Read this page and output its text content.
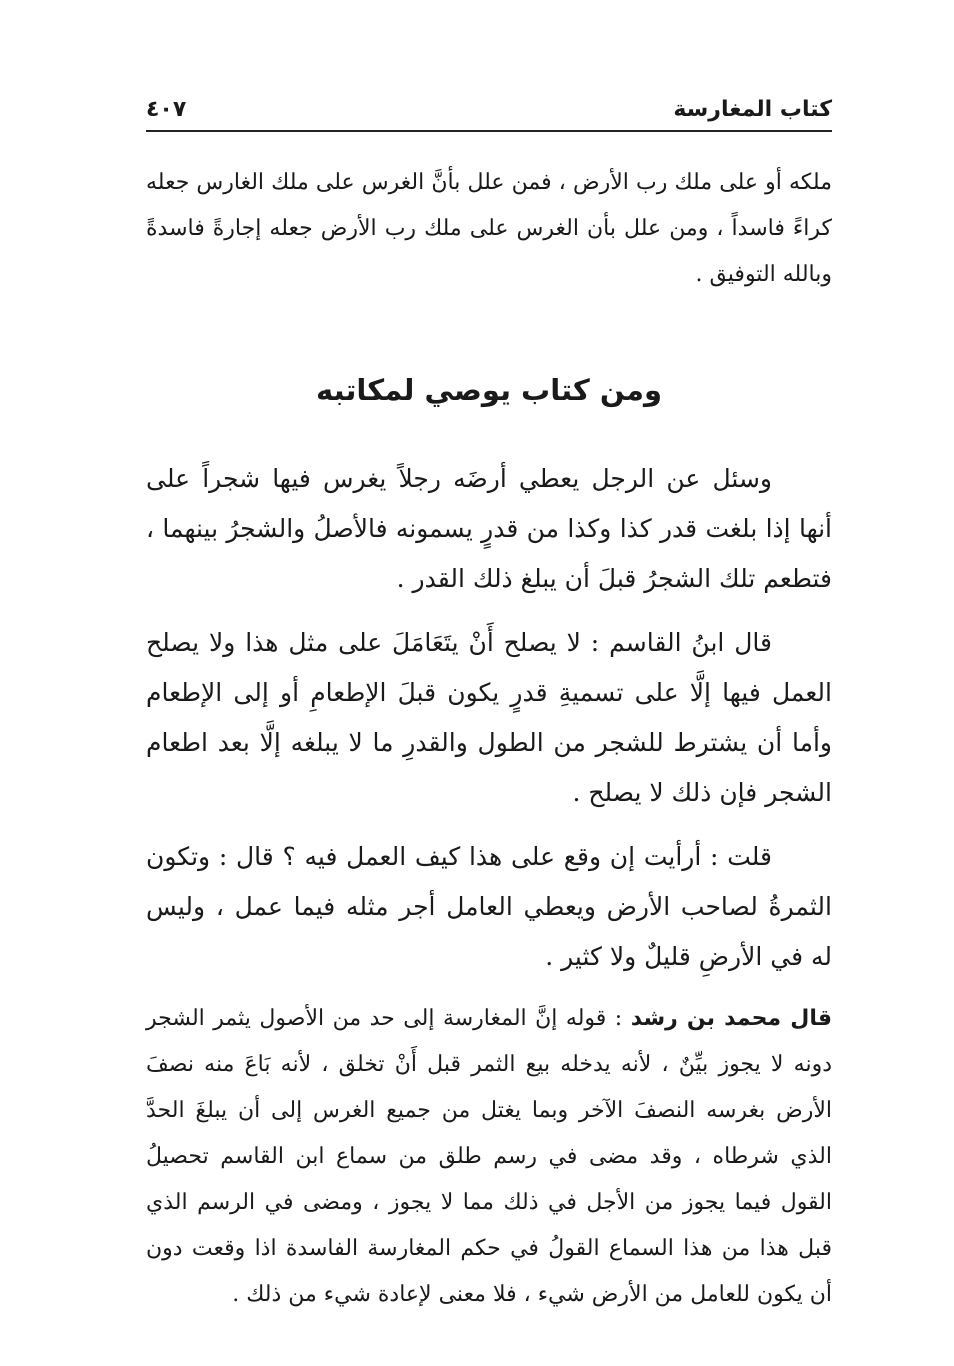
كتاب المغارسة
٤٠٧

ملكه أو على ملك رب الأرض ، فمن علل بأنَّ الغرس على ملك الغارس جعله كراءً فاسداً ، ومن علل بأن الغرس على ملك رب الأرض جعله إجارةً فاسدةً وبالله التوفيق .

ومن كتاب يوصي لمكاتبه

وسئل عن الرجل يعطي أرضَه رجلاً يغرس فيها شجراً على أنها إذا بلغت قدر كذا وكذا من قدرٍ يسمونه فالأصلُ والشجرُ بينهما ، فتطعم تلك الشجرُ قبلَ أن يبلغ ذلك القدر .

قال ابنُ القاسم : لا يصلح أَنْ يتَعَامَلَ على مثل هذا ولا يصلح العمل فيها إلَّا على تسميةِ قدرٍ يكون قبلَ الإطعامِ أو إلى الإطعام وأما أن يشترط للشجر من الطول والقدرِ ما لا يبلغه إلَّا بعد اطعام الشجر فإن ذلك لا يصلح .

قلت : أرأيت إن وقع على هذا كيف العمل فيه ؟ قال : وتكون الثمرةُ لصاحب الأرض ويعطي العامل أجر مثله فيما عمل ، وليس له في الأرضِ قليلٌ ولا كثير .

قال محمد بن رشد : قوله إنَّ المغارسة إلى حد من الأصول يثمر الشجر دونه لا يجوز بيِّنٌ ، لأنه يدخله بيع الثمر قبل أَنْ تخلق ، لأنه بَاعَ منه نصفَ الأرض بغرسه النصفَ الآخر وبما يغتل من جميع الغرس إلى أن يبلغَ الحدَّ الذي شرطاه ، وقد مضى في رسم طلق من سماع ابن القاسم تحصيلُ القول فيما يجوز من الأجل في ذلك مما لا يجوز ، ومضى في الرسم الذي قبل هذا من هذا السماع القولُ في حكم المغارسة الفاسدة اذا وقعت دون أن يكون للعامل من الأرض شيء ، فلا معنى لإعادة شيء من ذلك .
